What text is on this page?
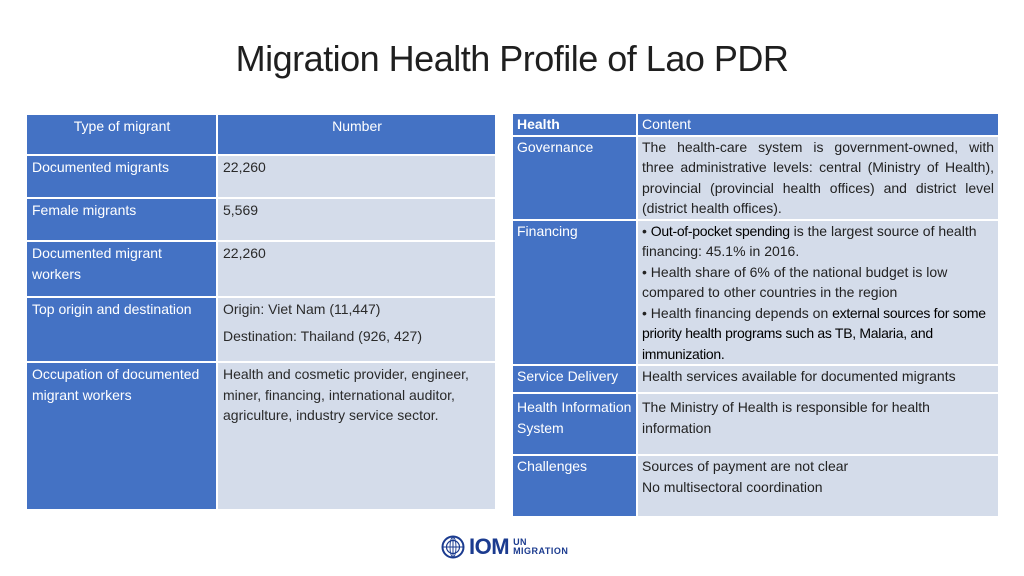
Migration Health Profile of Lao PDR
Type of migrant	Number
Documented migrants	22,260
Female migrants	5,569
Documented migrant workers	22,260
Top origin and destination	Origin: Viet Nam (11,447)
Destination: Thailand (926, 427)

Occupation of documented migrant workers	Health and cosmetic provider, engineer, miner, financing, international auditor, agriculture, industry service sector.
Health	Content
Governance	The health-care system is government-owned, with three administrative levels: central (Ministry of Health), provincial (provincial health offices) and district level (district health offices).
Financing	• Out-of-pocket spending is the largest source of health financing: 45.1% in 2016.
• Health share of 6% of the national budget is low compared to other countries in the region
• Health financing depends on external sources for some priority health programs such as TB, Malaria, and immunization.

Service Delivery	Health services available for documented migrants
Health Information System	The Ministry of Health is responsible for health information
Challenges	Sources of payment are not clear
No multisectoral coordination
IOM UN
MIGRATION
